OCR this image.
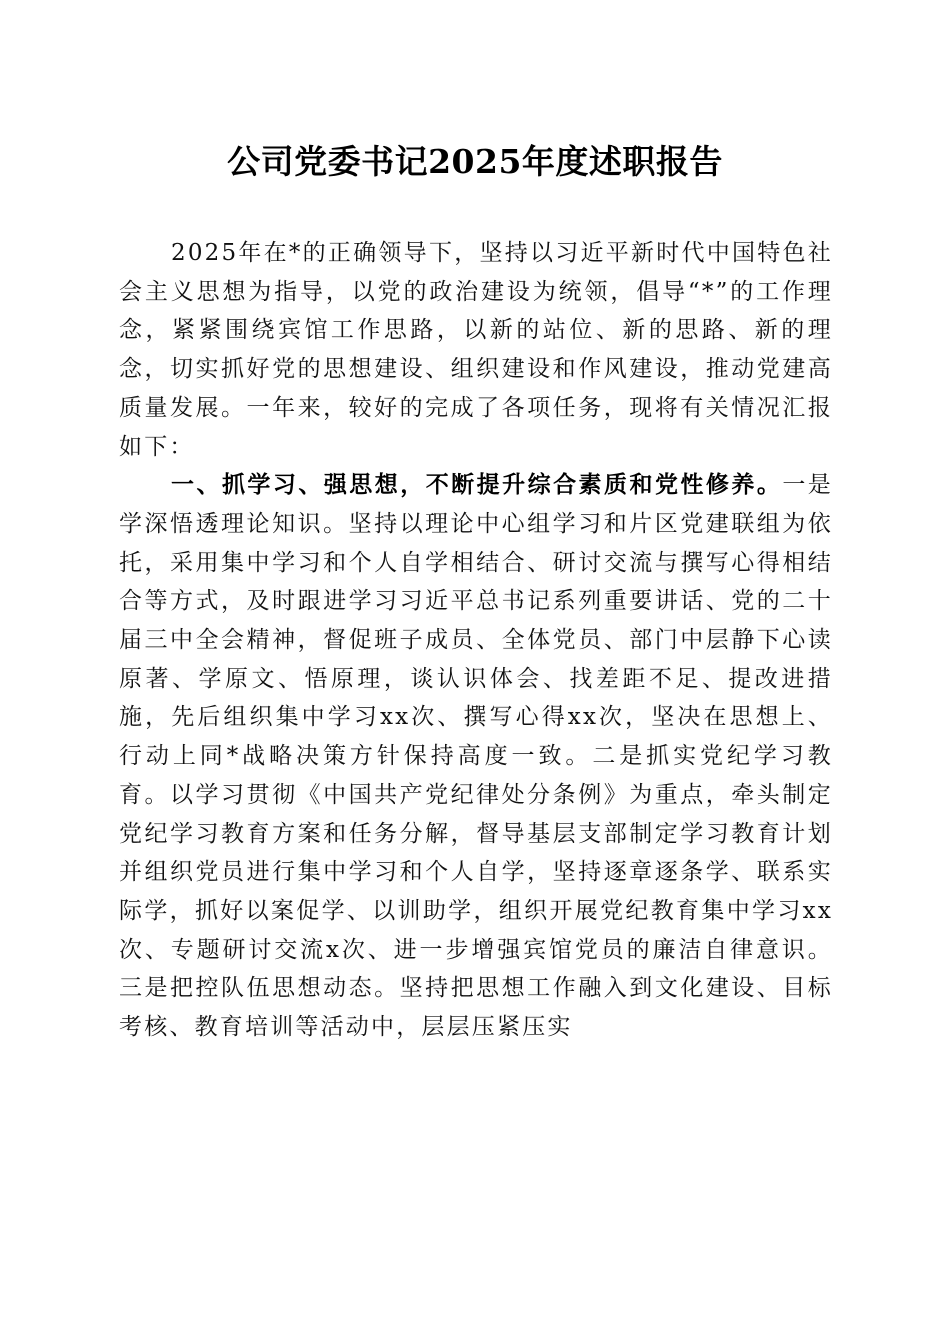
公司党委书记2025年度述职报告

2025年在*的正确领导下，坚持以习近平新时代中国特色社会主义思想为指导，以党的政治建设为统领，倡导“*”的工作理念，紧紧围绕宾馆工作思路，以新的站位、新的思路、新的理念，切实抓好党的思想建设、组织建设和作风建设，推动党建高质量发展。一年来，较好的完成了各项任务，现将有关情况汇报如下：

一、抓学习、强思想，不断提升综合素质和党性修养。一是学深悟透理论知识。坚持以理论中心组学习和片区党建联组为依托，采用集中学习和个人自学相结合、研讨交流与撰写心得相结合等方式，及时跟进学习习近平总书记系列重要讲话、党的二十届三中全会精神，督促班子成员、全体党员、部门中层静下心读原著、学原文、悟原理，谈认识体会、找差距不足、提改进措施，先后组织集中学习xx次、撰写心得xx次，坚决在思想上、行动上同*战略决策方针保持高度一致。二是抓实党纪学习教育。以学习贯彻《中国共产党纪律处分条例》为重点，牵头制定党纪学习教育方案和任务分解，督导基层支部制定学习教育计划并组织党员进行集中学习和个人自学，坚持逐章逐条学、联系实际学，抓好以案促学、以训助学，组织开展党纪教育集中学习xx次、专题研讨交流x次、进一步增强宾馆党员的廉洁自律意识。三是把控队伍思想动态。坚持把思想工作融入到文化建设、目标考核、教育培训等活动中，层层压紧压实
